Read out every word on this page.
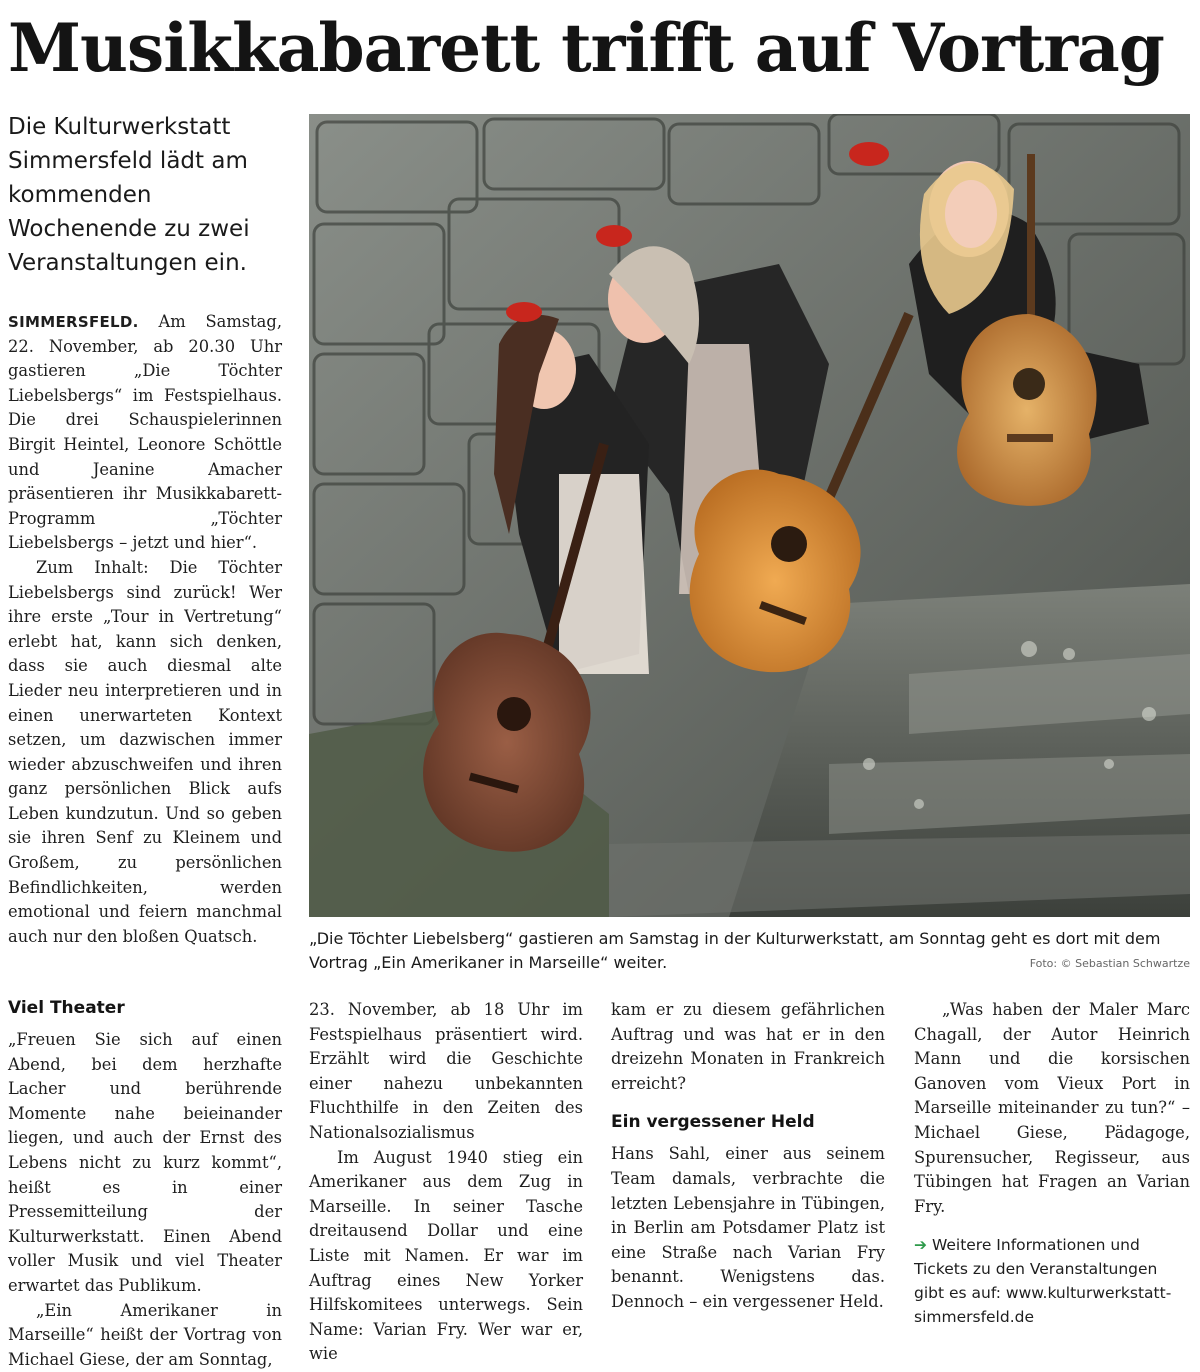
Musikkabarett trifft auf Vortrag
Die Kulturwerkstatt Simmersfeld lädt am kommenden Wochenende zu zwei Veranstaltungen ein.
„Die Töchter Liebelsberg“ gastieren am Samstag in der Kulturwerkstatt, am Sonntag geht es dort mit dem Vortrag „Ein Amerikaner in Marseille“ weiter.	Foto: © Sebastian Schwartze

SIMMERSFELD. Am Samstag, 22. November, ab 20.30 Uhr gastieren „Die Töchter Liebelsbergs“ im Festspielhaus. Die drei Schauspielerinnen Birgit Heintel, Leonore Schöttle und Jeanine Amacher präsentieren ihr Musikkabarett-Programm „Töchter Liebelsbergs – jetzt und hier“.

Zum Inhalt: Die Töchter Liebelsbergs sind zurück! Wer ihre erste „Tour in Vertretung“ erlebt hat, kann sich denken, dass sie auch diesmal alte Lieder neu interpretieren und in einen unerwarteten Kontext setzen, um dazwischen immer wieder abzuschweifen und ihren ganz persönlichen Blick aufs Leben kundzutun. Und so geben sie ihren Senf zu Kleinem und Großem, zu persönlichen Befindlichkeiten, werden emotional und feiern manchmal auch nur den bloßen Quatsch.

Viel Theater

„Freuen Sie sich auf einen Abend, bei dem herzhafte Lacher und berührende Momente nahe beieinander liegen, und auch der Ernst des Lebens nicht zu kurz kommt“, heißt es in einer Pressemitteilung der Kulturwerkstatt. Einen Abend voller Musik und viel Theater erwartet das Publikum.

„Ein Amerikaner in Marseille“ heißt der Vortrag von Michael Giese, der am Sonntag,

23. November, ab 18 Uhr im Festspielhaus präsentiert wird. Erzählt wird die Geschichte einer nahezu unbekannten Fluchthilfe in den Zeiten des Nationalsozialismus

Im August 1940 stieg ein Amerikaner aus dem Zug in Marseille. In seiner Tasche dreitausend Dollar und eine Liste mit Namen. Er war im Auftrag eines New Yorker Hilfskomitees unterwegs. Sein Name: Varian Fry. Wer war er, wie

kam er zu diesem gefährlichen Auftrag und was hat er in den dreizehn Monaten in Frankreich erreicht?

Ein vergessener Held

Hans Sahl, einer aus seinem Team damals, verbrachte die letzten Lebensjahre in Tübingen, in Berlin am Potsdamer Platz ist eine Straße nach Varian Fry benannt. Wenigstens das. Dennoch – ein vergessener Held.

„Was haben der Maler Marc Chagall, der Autor Heinrich Mann und die korsischen Ganoven vom Vieux Port in Marseille miteinander zu tun?“ – Michael Giese, Pädagoge, Spurensucher, Regisseur, aus Tübingen hat Fragen an Varian Fry.

➔ Weitere Informationen und Tickets zu den Veranstaltungen gibt es auf: www.kulturwerkstatt-simmersfeld.de
